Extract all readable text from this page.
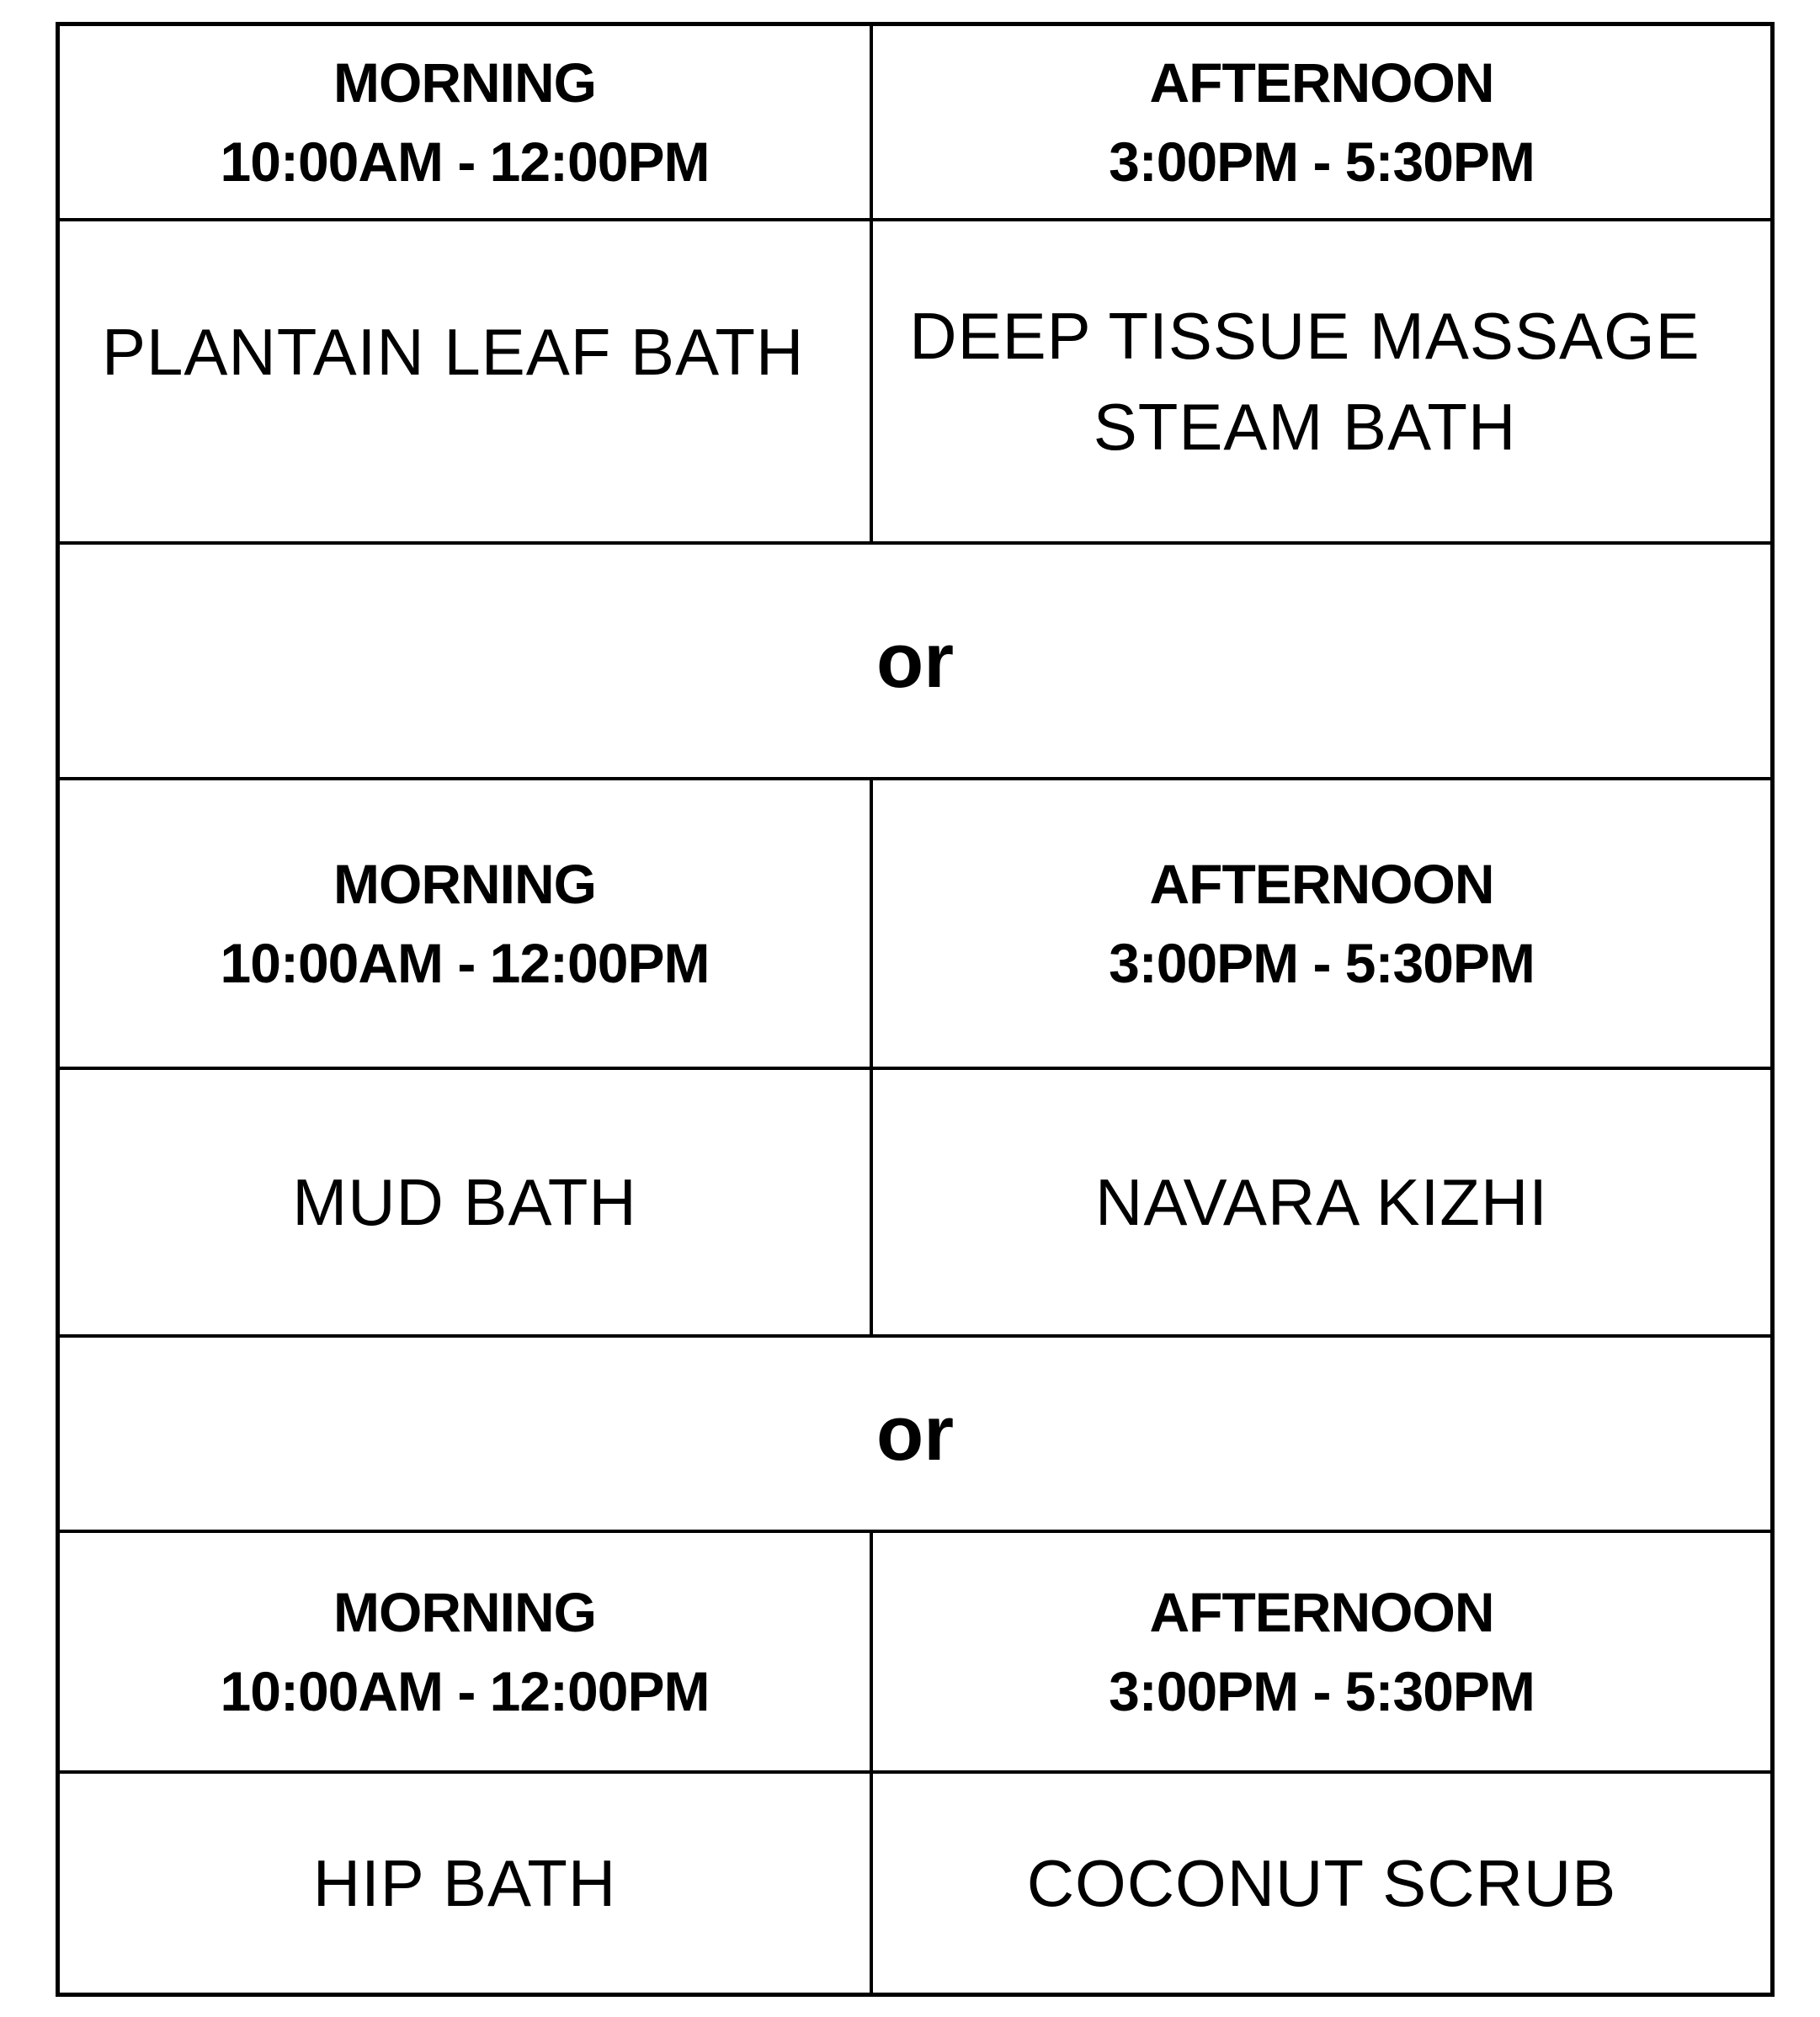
MORNING
10:00AM - 12:00PM
AFTERNOON
3:00PM - 5:30PM
PLANTAIN LEAF BATH DEEP TISSUE MASSAGE
STEAM BATH
or
MORNING
10:00AM - 12:00PM
AFTERNOON
3:00PM - 5:30PM
MUD BATH	NAVARA KIZHI
or
MORNING
10:00AM - 12:00PM
AFTERNOON
3:00PM - 5:30PM
HIP BATH	COCONUT SCRUB
